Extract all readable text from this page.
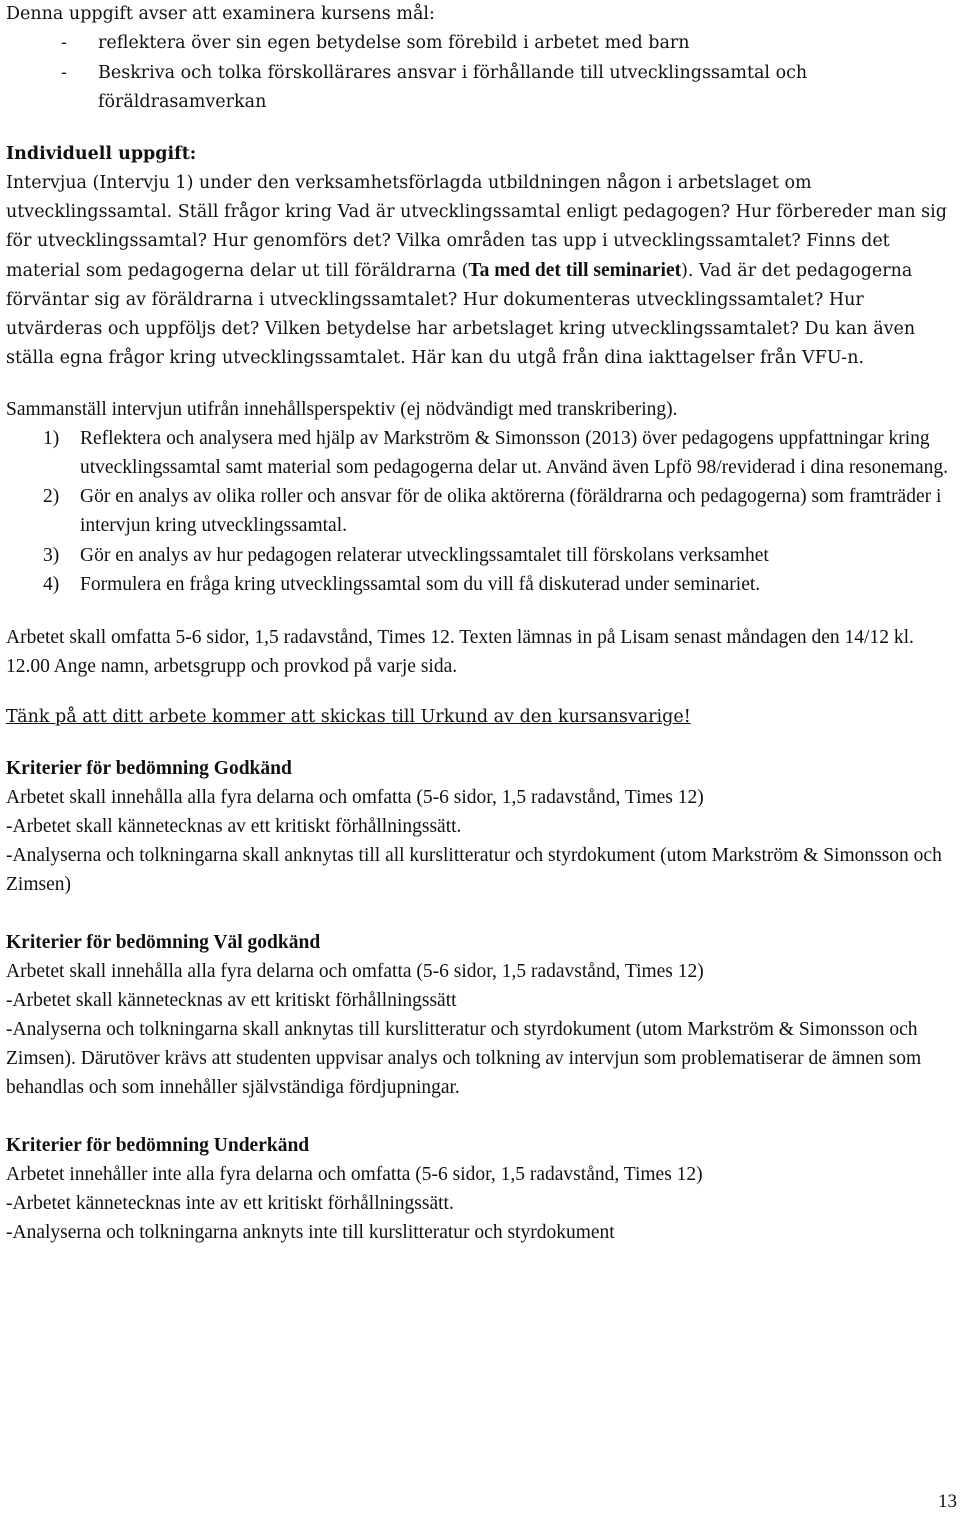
Denna uppgift avser att examinera kursens mål:

- reflektera över sin egen betydelse som förebild i arbetet med barn
- Beskriva och tolka förskollärares ansvar i förhållande till utvecklingssamtal och föräldrasamverkan

Individuell uppgift:

Intervjua (Intervju 1) under den verksamhetsförlagda utbildningen någon i arbetslaget om utvecklingssamtal. Ställ frågor kring Vad är utvecklingssamtal enligt pedagogen? Hur förbereder man sig för utvecklingssamtal? Hur genomförs det? Vilka områden tas upp i utvecklingssamtalet? Finns det material som pedagogerna delar ut till föräldrarna (Ta med det till seminariet). Vad är det pedagogerna förväntar sig av föräldrarna i utvecklingssamtalet? Hur dokumenteras utvecklingssamtalet? Hur utvärderas och uppföljs det? Vilken betydelse har arbetslaget kring utvecklingssamtalet? Du kan även ställa egna frågor kring utvecklingssamtalet. Här kan du utgå från dina iakttagelser från VFU-n.

Sammanställ intervjun utifrån innehållsperspektiv (ej nödvändigt med transkribering).

1) Reflektera och analysera med hjälp av Markström & Simonsson (2013) över pedagogens uppfattningar kring utvecklingssamtal samt material som pedagogerna delar ut. Använd även Lpfö 98/reviderad i dina resonemang.
2) Gör en analys av olika roller och ansvar för de olika aktörerna (föräldrarna och pedagogerna) som framträder i intervjun kring utvecklingssamtal.
3) Gör en analys av hur pedagogen relaterar utvecklingssamtalet till förskolans verksamhet
4) Formulera en fråga kring utvecklingssamtal som du vill få diskuterad under seminariet.

Arbetet skall omfatta 5-6 sidor, 1,5 radavstånd, Times 12. Texten lämnas in på Lisam senast måndagen den 14/12 kl. 12.00 Ange namn, arbetsgrupp och provkod på varje sida.

Tänk på att ditt arbete kommer att skickas till Urkund av den kursansvarige!

Kriterier för bedömning Godkänd

Arbetet skall innehålla alla fyra delarna och omfatta (5-6 sidor, 1,5 radavstånd, Times 12)

-Arbetet skall kännetecknas av ett kritiskt förhållningssätt.

-Analyserna och tolkningarna skall anknytas till all kurslitteratur och styrdokument (utom Markström & Simonsson och Zimsen)

Kriterier för bedömning Väl godkänd

Arbetet skall innehålla alla fyra delarna och omfatta (5-6 sidor, 1,5 radavstånd, Times 12)

-Arbetet skall kännetecknas av ett kritiskt förhållningssätt

-Analyserna och tolkningarna skall anknytas till kurslitteratur och styrdokument (utom Markström & Simonsson och Zimsen). Därutöver krävs att studenten uppvisar analys och tolkning av intervjun som problematiserar de ämnen som behandlas och som innehåller självständiga fördjupningar.

Kriterier för bedömning Underkänd

Arbetet innehåller inte alla fyra delarna och omfatta (5-6 sidor, 1,5 radavstånd, Times 12)

-Arbetet kännetecknas inte av ett kritiskt förhållningssätt.

-Analyserna och tolkningarna anknyts inte till kurslitteratur och styrdokument

13
